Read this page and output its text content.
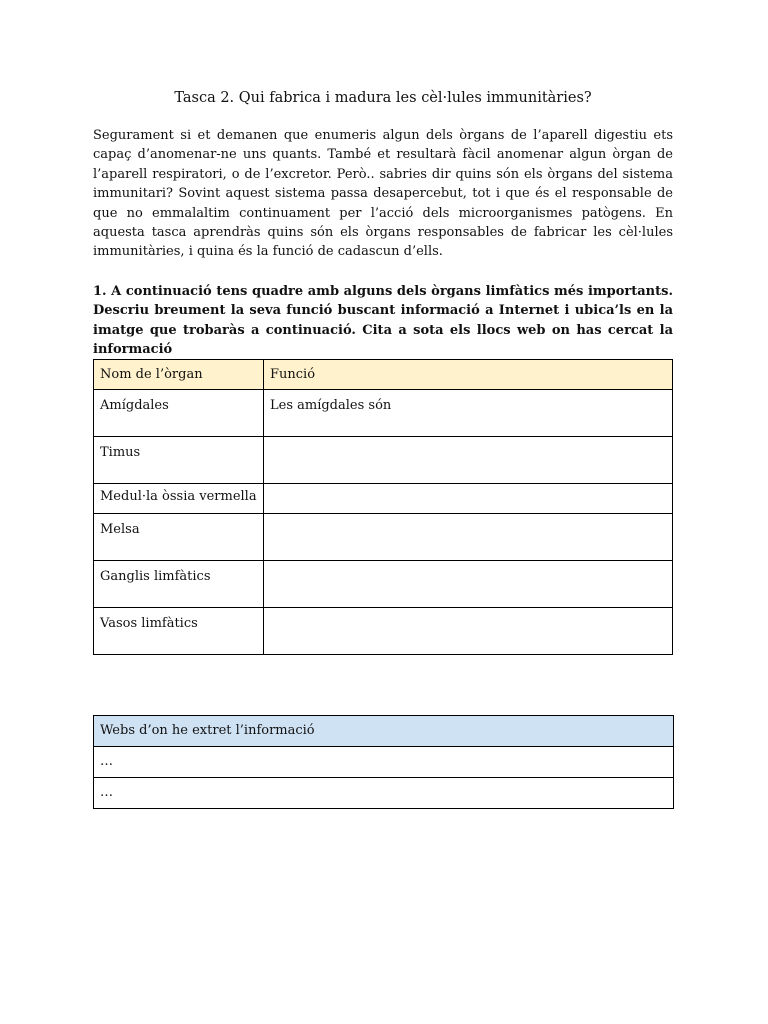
Tasca 2. Qui fabrica i madura les cèl·lules immunitàries?

Segurament si et demanen que enumeris algun dels òrgans de l’aparell digestiu ets capaç d’anomenar-ne uns quants. També et resultarà fàcil anomenar algun òrgan de l’aparell respiratori, o de l’excretor. Però.. sabries dir quins són els òrgans del sistema immunitari? Sovint aquest sistema passa desapercebut, tot i que és el responsable de que no emmalaltim continuament per l’acció dels microorganismes patògens. En aquesta tasca aprendràs quins són els òrgans responsables de fabricar les cèl·lules immunitàries, i quina és la funció de cadascun d’ells.

1. A continuació tens quadre amb alguns dels òrgans limfàtics més importants. Descriu breument la seva funció buscant informació a Internet i ubica’ls en la imatge que trobaràs a continuació. Cita a sota els llocs web on has cercat la informació

Nom de l’òrgan	Funció
Amígdales	Les amígdales són
Timus	
Medul·la òssia vermella	
Melsa	
Ganglis limfàtics	
Vasos limfàtics	
Webs d’on he extret l’informació
…
…
